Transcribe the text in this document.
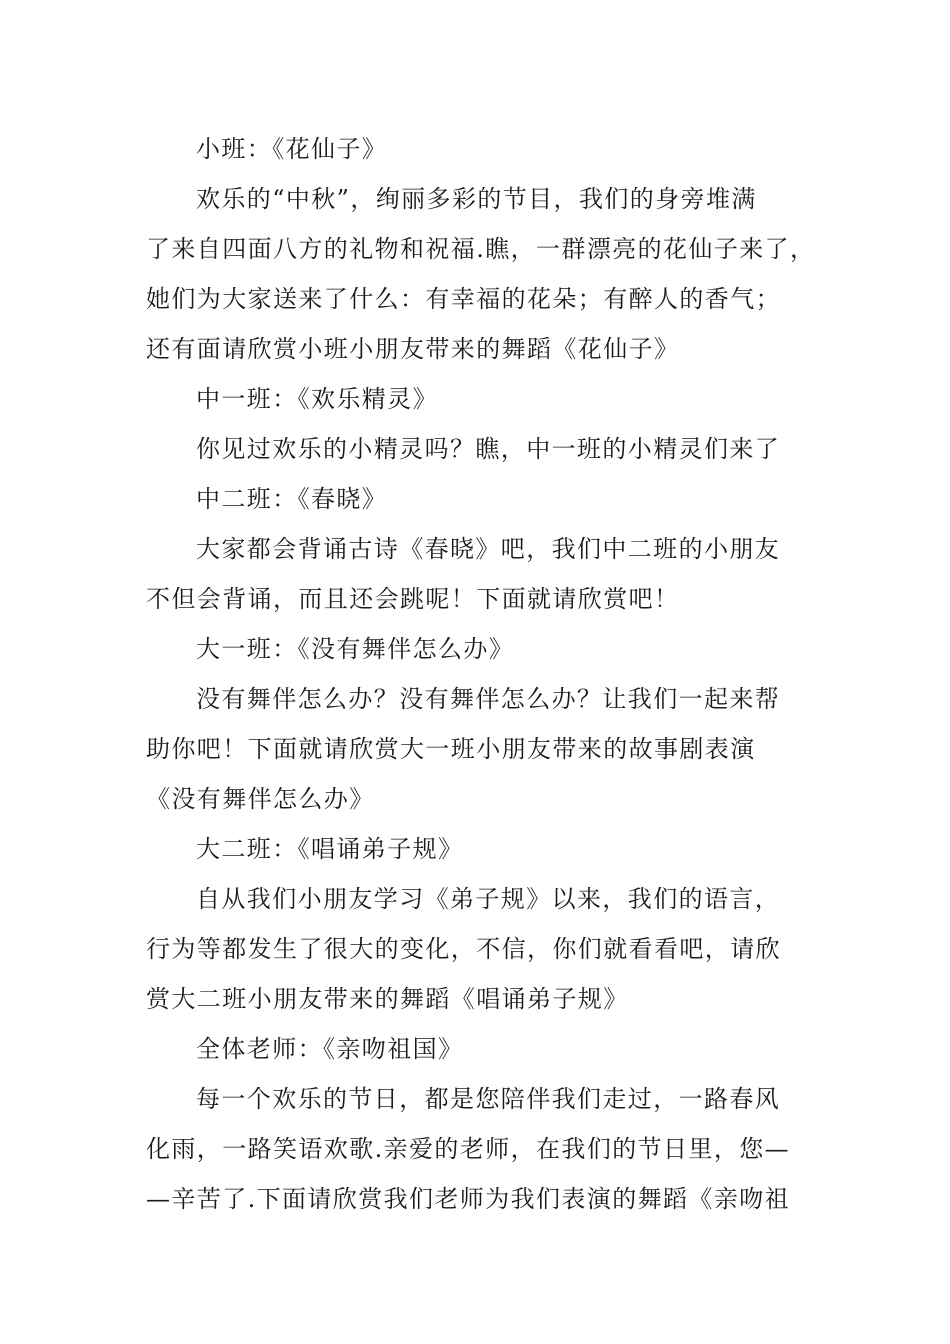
小班：《花仙子》
欢乐的“中秋”，绚丽多彩的节目，我们的身旁堆满
了来自四面八方的礼物和祝福.瞧，一群漂亮的花仙子来了，
她们为大家送来了什么：有幸福的花朵；有醉人的香气；
还有面请欣赏小班小朋友带来的舞蹈《花仙子》
中一班：《欢乐精灵》
你见过欢乐的小精灵吗？瞧，中一班的小精灵们来了
中二班：《春晓》
大家都会背诵古诗《春晓》吧，我们中二班的小朋友
不但会背诵，而且还会跳呢！下面就请欣赏吧！
大一班：《没有舞伴怎么办》
没有舞伴怎么办？没有舞伴怎么办？让我们一起来帮
助你吧！下面就请欣赏大一班小朋友带来的故事剧表演
《没有舞伴怎么办》
大二班：《唱诵弟子规》
自从我们小朋友学习《弟子规》以来，我们的语言，
行为等都发生了很大的变化，不信，你们就看看吧，请欣
赏大二班小朋友带来的舞蹈《唱诵弟子规》
全体老师：《亲吻祖国》
每一个欢乐的节日，都是您陪伴我们走过，一路春风
化雨，一路笑语欢歌.亲爱的老师，在我们的节日里，您—
—辛苦了.下面请欣赏我们老师为我们表演的舞蹈《亲吻祖
